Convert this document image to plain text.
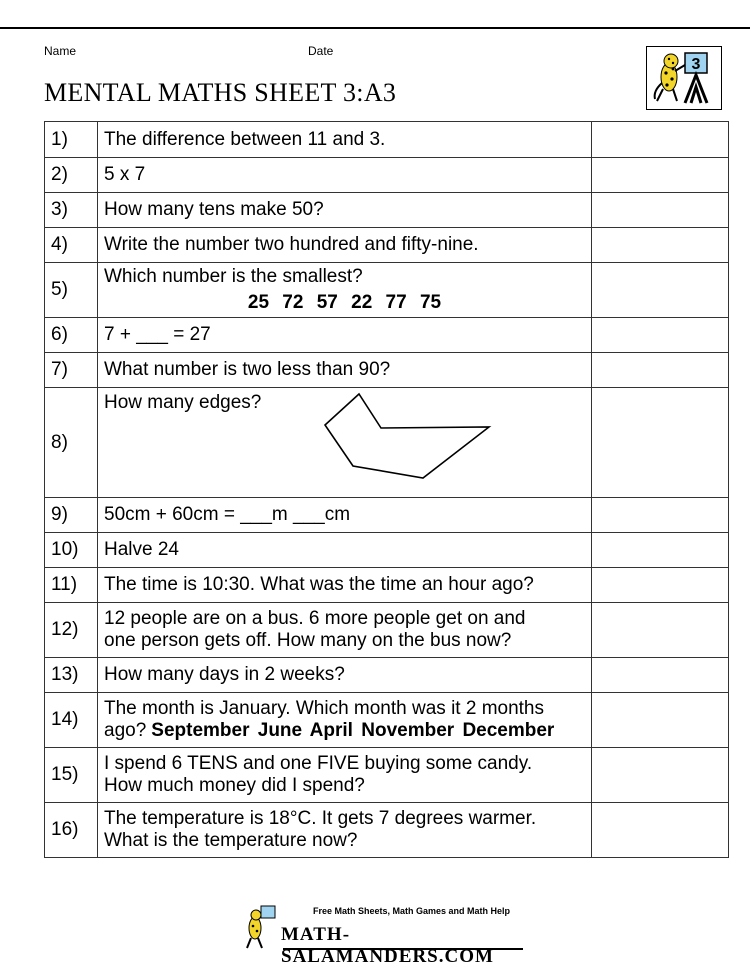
Name	Date
MENTAL MATHS SHEET 3:A3
3
1)	The difference between 11 and 3.	

2)	5 x 7	

3)	How many tens make 50?	

4)	Write the number two hundred and fifty-nine.	

5)	Which number is the smallest?
25 72 57 22 77 75	

6)	7 + ___ = 27	

7)	What number is two less than 90?	

8)	How many edges?	

9)	50cm + 60cm = ___m ___cm	

10)	Halve 24	

11)	The time is 10:30. What was the time an hour ago?	

12)	12 people are on a bus. 6 more people get on and
one person gets off. How many on the bus now?	

13)	How many days in 2 weeks?	

14)	The month is January. Which month was it 2 months
ago? September June April November December	

15)	I spend 6 TENS and one FIVE buying some candy.
How much money did I spend?	

16)	The temperature is 18°C. It gets 7 degrees warmer.
What is the temperature now?	

Free Math Sheets, Math Games and Math Help
MATH-SALAMANDERS.COM
